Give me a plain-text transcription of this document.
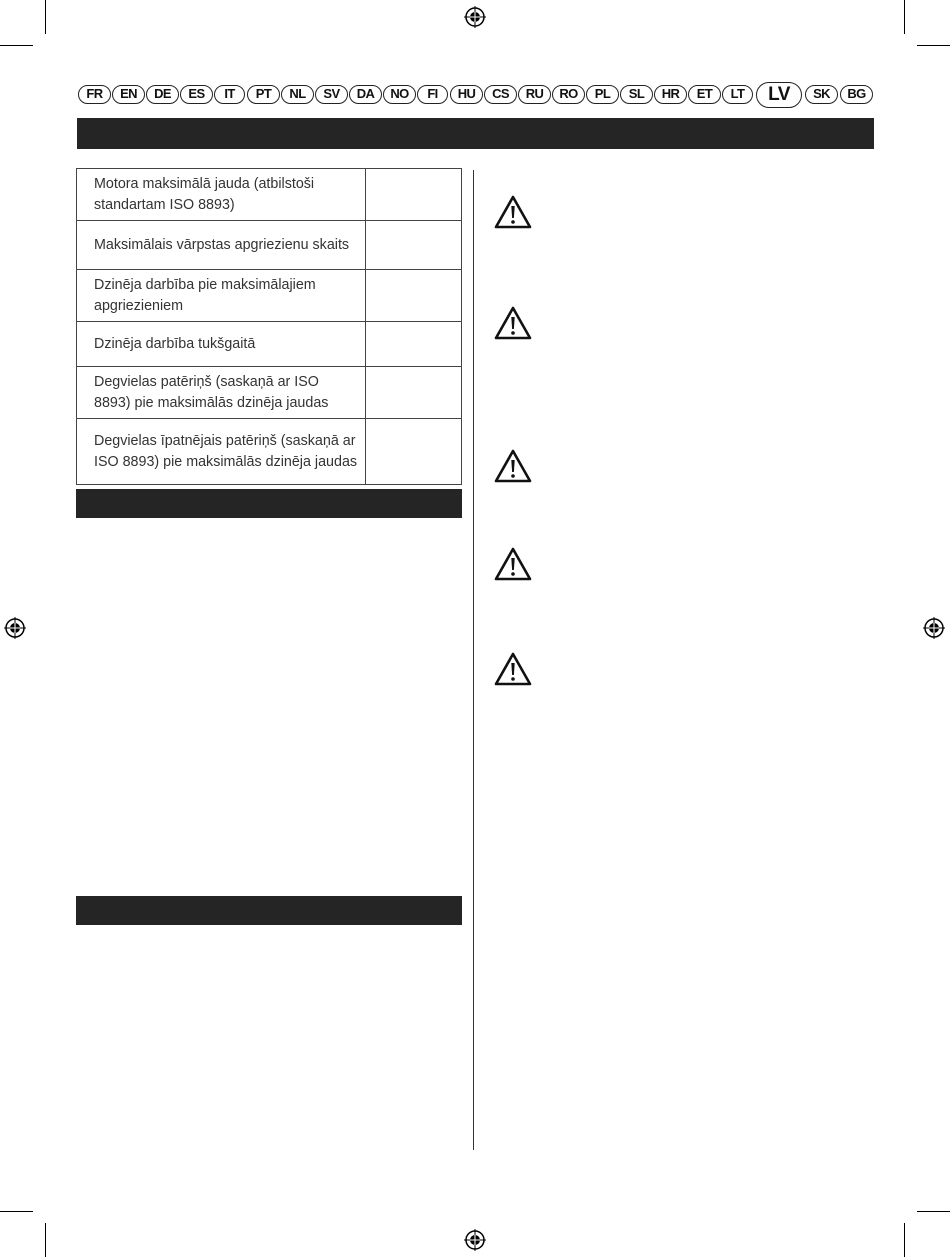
FR	EN	DE	ES	IT	PT	NL	SV	DA	NO	FI	HU	CS	RU	RO	PL	SL	HR	ET	LT	LV	SK	BG
Motora maksimālā jauda (atbilstoši standartam ISO 8893)	
Maksimālais vārpstas apgriezienu skaits	
Dzinēja darbība pie maksimālajiem apgriezieniem	
Dzinēja darbība tukšgaitā	
Degvielas patēriņš (saskaņā ar ISO 8893) pie maksimālās dzinēja jaudas	
Degvielas īpatnējais patēriņš (saskaņā ar ISO 8893) pie maksimālās dzinēja jaudas	
